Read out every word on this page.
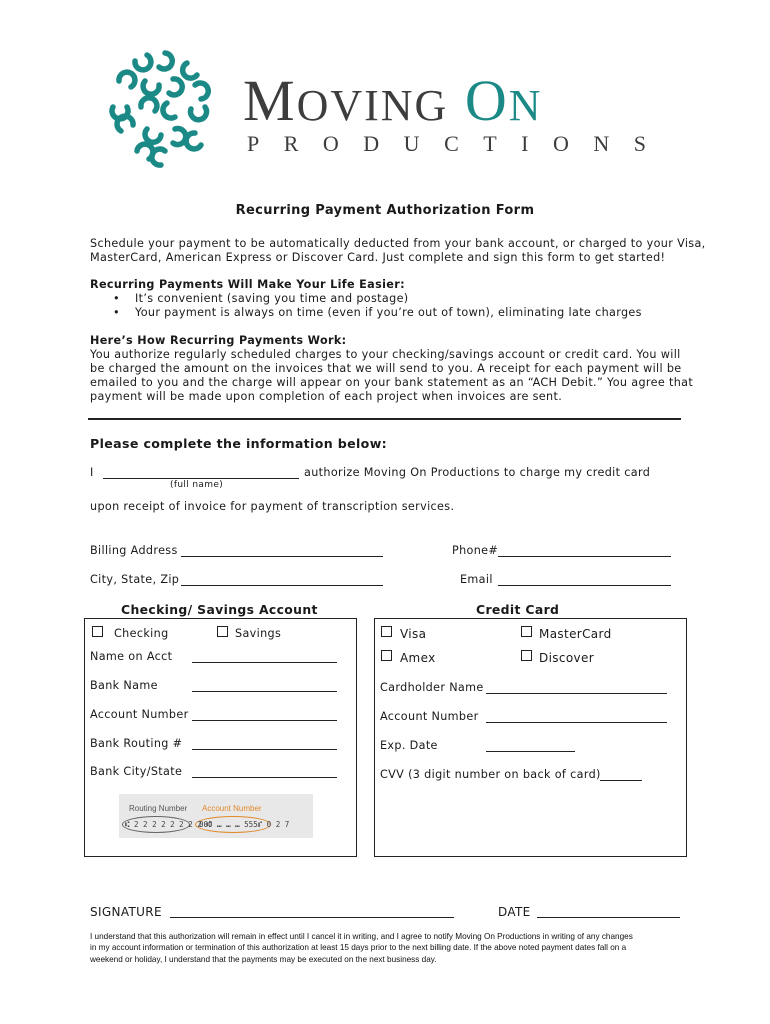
MOVING ON
PRODUCTIONS
Recurring Payment Authorization Form
Schedule your payment to be automatically deducted from your bank account, or charged to your Visa,
MasterCard, American Express or Discover Card. Just complete and sign this form to get started!
Recurring Payments Will Make Your Life Easier:
• It’s convenient (saving you time and postage)
• Your payment is always on time (even if you’re out of town), eliminating late charges
Here’s How Recurring Payments Work:
You authorize regularly scheduled charges to your checking/savings account or credit card. You will
be charged the amount on the invoices that we will send to you. A receipt for each payment will be
emailed to you and the charge will appear on your bank statement as an “ACH Debit.” You agree that
payment will be made upon completion of each project when invoices are sent.
Please complete the information below:
I	authorize Moving On Productions to charge my credit card
(full name)
upon receipt of invoice for payment of transcription services.
Billing Address	Phone#
City, State, Zip	Email
Checking/ Savings Account
Checking	Savings
Name on Acct
Bank Name
Account Number
Bank Routing #
Bank City/State
Routing Number Account Number
⑆ 2 2 2 2 2 2 2 2 ⑆
000 ⑉ ⑉ ⑉ 555⑈ 0 2 7
Credit Card
Visa	MasterCard
Amex	Discover
Cardholder Name
Account Number
Exp. Date
CVV (3 digit number on back of card)
SIGNATURE	DATE
I understand that this authorization will remain in effect until I cancel it in writing, and I agree to notify Moving On Productions in writing of any changes
in my account information or termination of this authorization at least 15 days prior to the next billing date. If the above noted payment dates fall on a
weekend or holiday, I understand that the payments may be executed on the next business day.
